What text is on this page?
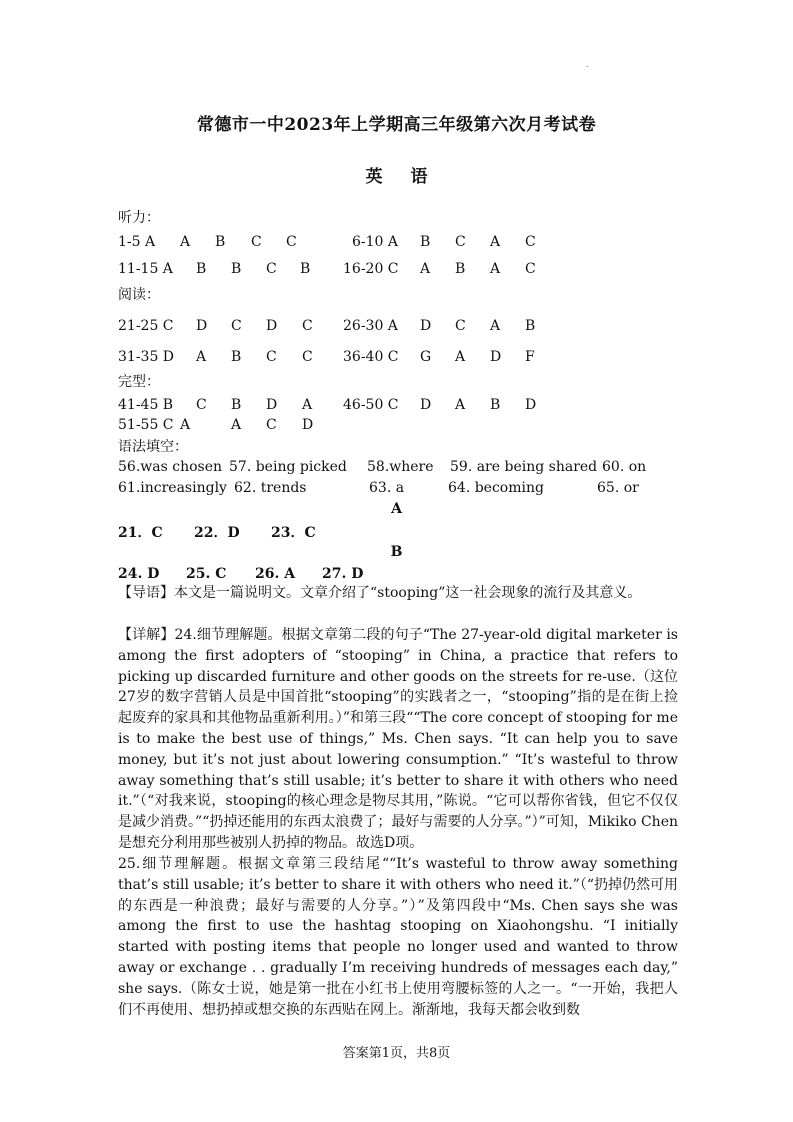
.
常德市一中2023年上学期高三年级第六次月考试卷
英 语
听力：
1-5 A A B C C	6-10 A B C A C
11-15 A B B C B 16-20 C A B A C
阅读：
21-25 C D C D C 26-30 A D C A B
31-35 D A B C C 36-40 C G A D F
完型：
41-45 B C B D A 46-50 C D A B D
51-55 C A	A C D
语法填空：
56.was chosen 57. being picked 58.where 59. are being shared 60. on
61.increasingly 62. trends	63. a	64. becoming	65. or
A
21．C 22．D 23．C
B
24. D 25. C 26. A 27. D
【导语】本文是一篇说明文。文章介绍了“stooping”这一社会现象的流行及其意义。
【详解】24.细节理解题。根据文章第二段的句子“The 27-year-old digital marketer is among the first adopters of “stooping” in China, a practice that refers to picking up discarded furniture and other goods on the streets for re-use.（这位27岁的数字营销人员是中国首批“stooping”的实践者之一，“stooping”指的是在街上捡起废弃的家具和其他物品重新利用。）”和第三段““The core concept of stooping for me is to make the best use of things,” Ms. Chen says. “It can help you to save money, but it’s not just about lowering consumption.” “It’s wasteful to throw away something that’s still usable; it’s better to share it with others who need it.”（“对我来说，stooping的核心理念是物尽其用，”陈说。“它可以帮你省钱，但它不仅仅是减少消费。”“扔掉还能用的东西太浪费了；最好与需要的人分享。”）”可知，Mikiko Chen是想充分利用那些被别人扔掉的物品。故选D项。
25.细节理解题。根据文章第三段结尾““It’s wasteful to throw away something that’s still usable; it’s better to share it with others who need it.”（“扔掉仍然可用的东西是一种浪费；最好与需要的人分享。”）”及第四段中“Ms. Chen says she was among the first to use the hashtag stooping on Xiaohongshu. “I initially started with posting items that people no longer used and wanted to throw away or exchange . . gradually I’m receiving hundreds of messages each day,” she says.（陈女士说，她是第一批在小红书上使用弯腰标签的人之一。“一开始，我把人们不再使用、想扔掉或想交换的东西贴在网上。渐渐地，我每天都会收到数
答案第1页，共8页
